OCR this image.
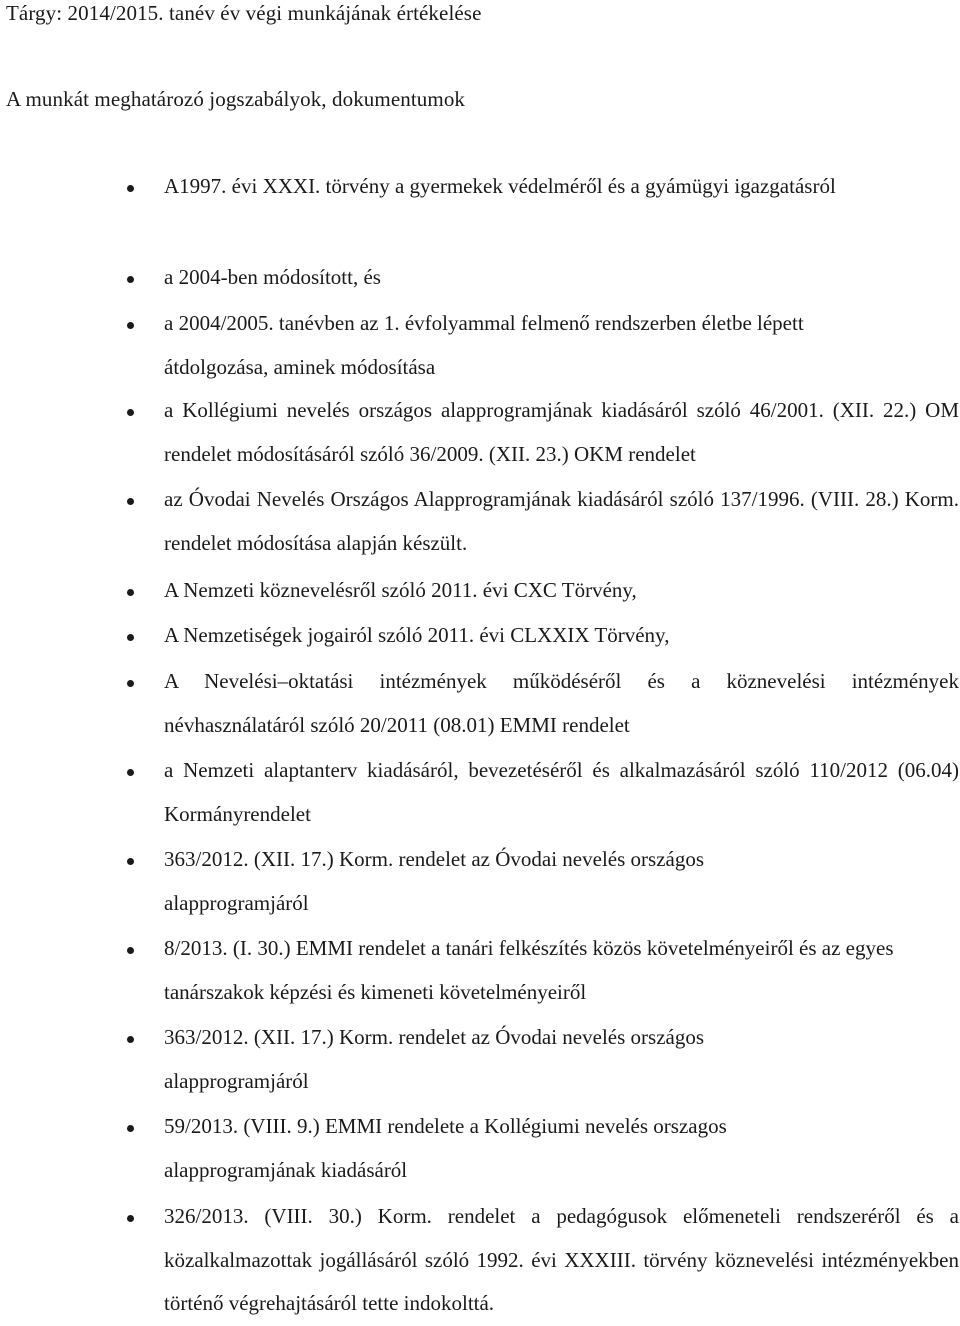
Tárgy: 2014/2015. tanév év végi munkájának értékelése
A munkát meghatározó jogszabályok, dokumentumok
A1997. évi XXXI. törvény a gyermekek védelméről és a gyámügyi igazgatásról
a 2004-ben módosított, és
a 2004/2005. tanévben az 1. évfolyammal felmenő rendszerben életbe lépett átdolgozása, aminek módosítása
a Kollégiumi nevelés országos alapprogramjának kiadásáról szóló 46/2001. (XII. 22.) OM rendelet módosításáról szóló 36/2009. (XII. 23.) OKM rendelet
az Óvodai Nevelés Országos Alapprogramjának kiadásáról szóló 137/1996. (VIII. 28.) Korm. rendelet módosítása alapján készült.
A Nemzeti köznevelésről szóló 2011. évi CXC Törvény,
A Nemzetiségek jogairól szóló 2011. évi CLXXIX Törvény,
A Nevelési–oktatási intézmények működéséről és a köznevelési intézmények névhasználatáról szóló 20/2011 (08.01) EMMI rendelet
a Nemzeti alaptanterv kiadásáról, bevezetéséről és alkalmazásáról szóló 110/2012 (06.04) Kormányrendelet
363/2012. (XII. 17.) Korm. rendelet az Óvodai nevelés országos alapprogramjáról
8/2013. (I. 30.) EMMI rendelet a tanári felkészítés közös követelményeiről és az egyes tanárszakok képzési és kimeneti követelményeiről
363/2012. (XII. 17.) Korm. rendelet az Óvodai nevelés országos alapprogramjáról
59/2013. (VIII. 9.) EMMI rendelete a Kollégiumi nevelés orszagos alapprogramjának kiadásáról
326/2013. (VIII. 30.) Korm. rendelet a pedagógusok előmeneteli rendszeréről és a közalkalmazottak jogállásáról szóló 1992. évi XXXIII. törvény köznevelési intézményekben történő végrehajtásáról tette indokolttá.
